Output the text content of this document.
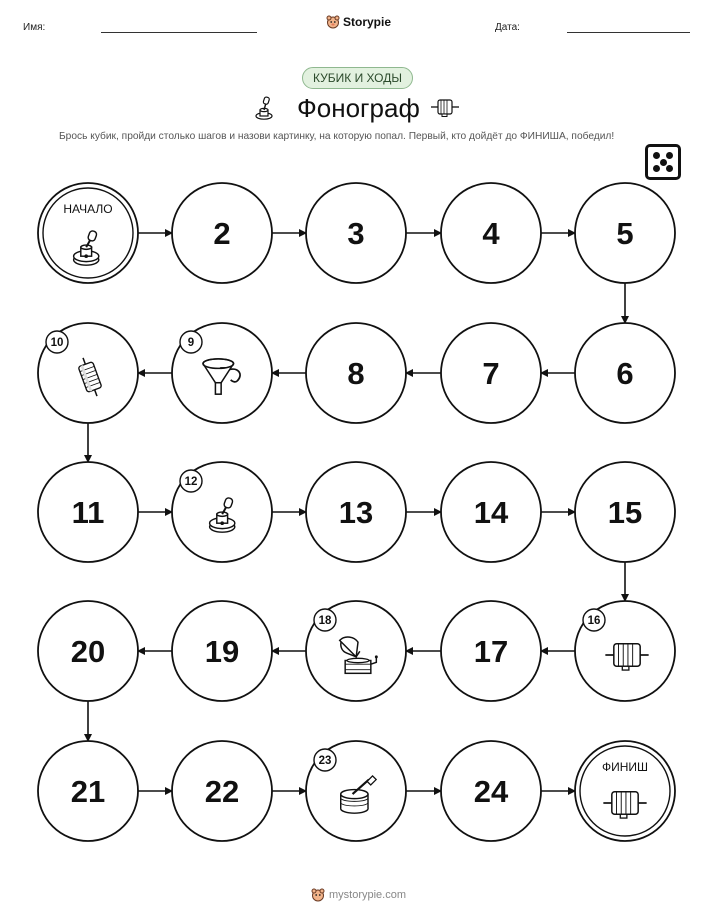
Имя:	Storypie	Дата:
КУБИК И ХОДЫ
Фонограф
Брось кубик, пройди столько шагов и назови картинку, на которую попал. Первый, кто дойдёт до ФИНИША, победил!
НАЧАЛО
2	3	4	5
6
7
8
9
10
11
12
13	14	15
16
17
18
19
20
21	22
23
24
ФИНИШ
mystorypie.com
